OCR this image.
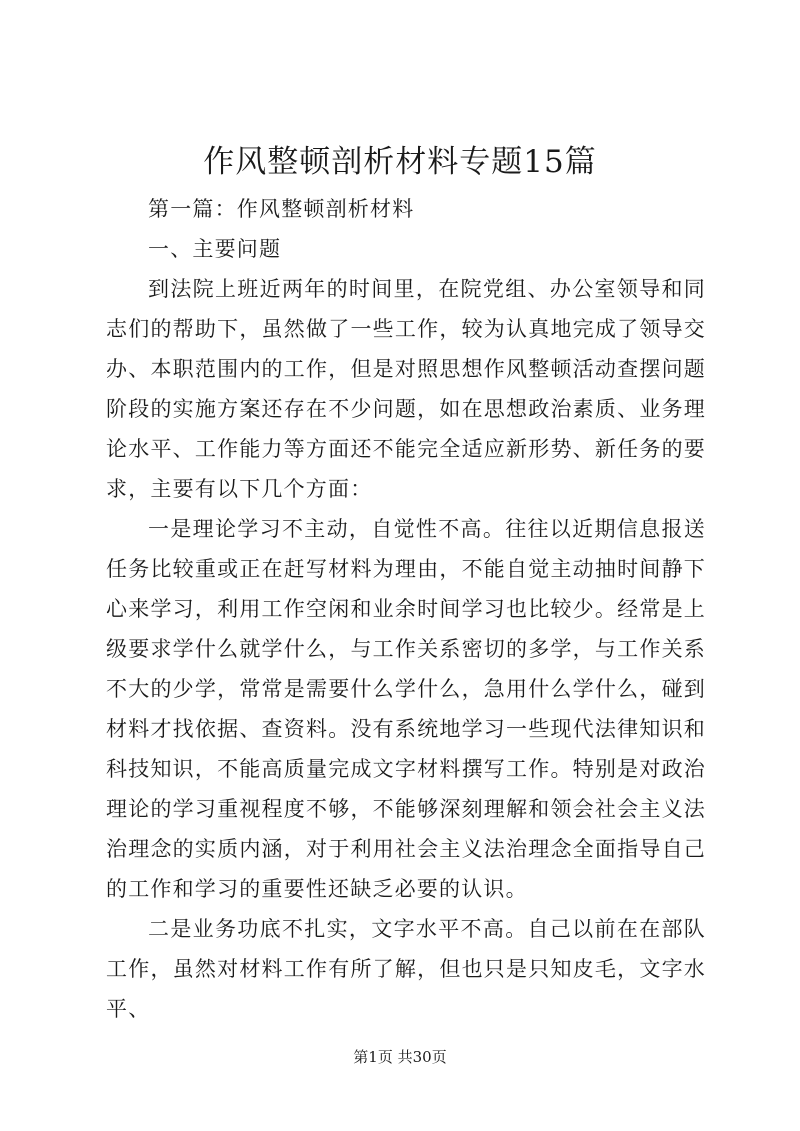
作风整顿剖析材料专题15篇

第一篇：作风整顿剖析材料

一、主要问题

到法院上班近两年的时间里，在院党组、办公室领导和同志们的帮助下，虽然做了一些工作，较为认真地完成了领导交办、本职范围内的工作，但是对照思想作风整顿活动查摆问题阶段的实施方案还存在不少问题，如在思想政治素质、业务理论水平、工作能力等方面还不能完全适应新形势、新任务的要求，主要有以下几个方面：

一是理论学习不主动，自觉性不高。往往以近期信息报送任务比较重或正在赶写材料为理由，不能自觉主动抽时间静下心来学习，利用工作空闲和业余时间学习也比较少。经常是上级要求学什么就学什么，与工作关系密切的多学，与工作关系不大的少学，常常是需要什么学什么，急用什么学什么，碰到材料才找依据、查资料。没有系统地学习一些现代法律知识和科技知识，不能高质量完成文字材料撰写工作。特别是对政治理论的学习重视程度不够，不能够深刻理解和领会社会主义法治理念的实质内涵，对于利用社会主义法治理念全面指导自己的工作和学习的重要性还缺乏必要的认识。

二是业务功底不扎实，文字水平不高。自己以前在在部队工作，虽然对材料工作有所了解，但也只是只知皮毛，文字水平、

第1页 共30页
